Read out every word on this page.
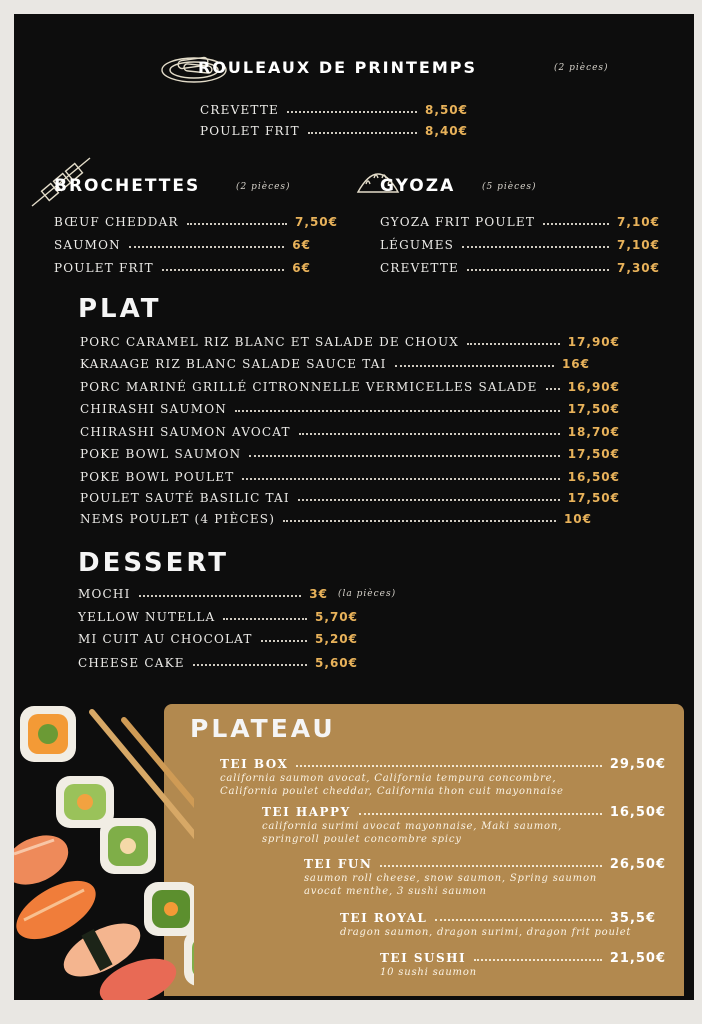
ROULEAUX DE PRINTEMPS	(2 pièces)
CREVETTE	8,50€
POULET FRIT	8,40€
BROCHETTES	(2 pièces)
BŒUF CHEDDAR	7,50€
SAUMON	6€
POULET FRIT	6€
GYOZA	(5 pièces)
GYOZA FRIT POULET	7,10€
LÉGUMES	7,10€
CREVETTE	7,30€
PLAT
PORC CARAMEL RIZ BLANC ET SALADE DE CHOUX	17,90€
KARAAGE RIZ BLANC SALADE SAUCE TAI	16€
PORC MARINÉ GRILLÉ CITRONNELLE VERMICELLES SALADE	16,90€
CHIRASHI SAUMON	17,50€
CHIRASHI SAUMON AVOCAT	18,70€
POKE BOWL SAUMON	17,50€
POKE BOWL POULET	16,50€
POULET SAUTÉ BASILIC TAI	17,50€
NEMS POULET (4 PIÈCES)	10€
DESSERT
MOCHI	3€ (la pièces)
YELLOW NUTELLA	5,70€
MI CUIT AU CHOCOLAT	5,20€
CHEESE CAKE	5,60€
PLATEAU
TEI BOX	29,50€
california saumon avocat, California tempura concombre,
California poulet cheddar, California thon cuit mayonnaise
TEI HAPPY	16,50€
california surimi avocat mayonnaise, Maki saumon,
springroll poulet concombre spicy
TEI FUN	26,50€
saumon roll cheese, snow saumon, Spring saumon
avocat menthe, 3 sushi saumon
TEI ROYAL	35,5€
dragon saumon, dragon surimi, dragon frit poulet
TEI SUSHI	21,50€
10 sushi saumon
